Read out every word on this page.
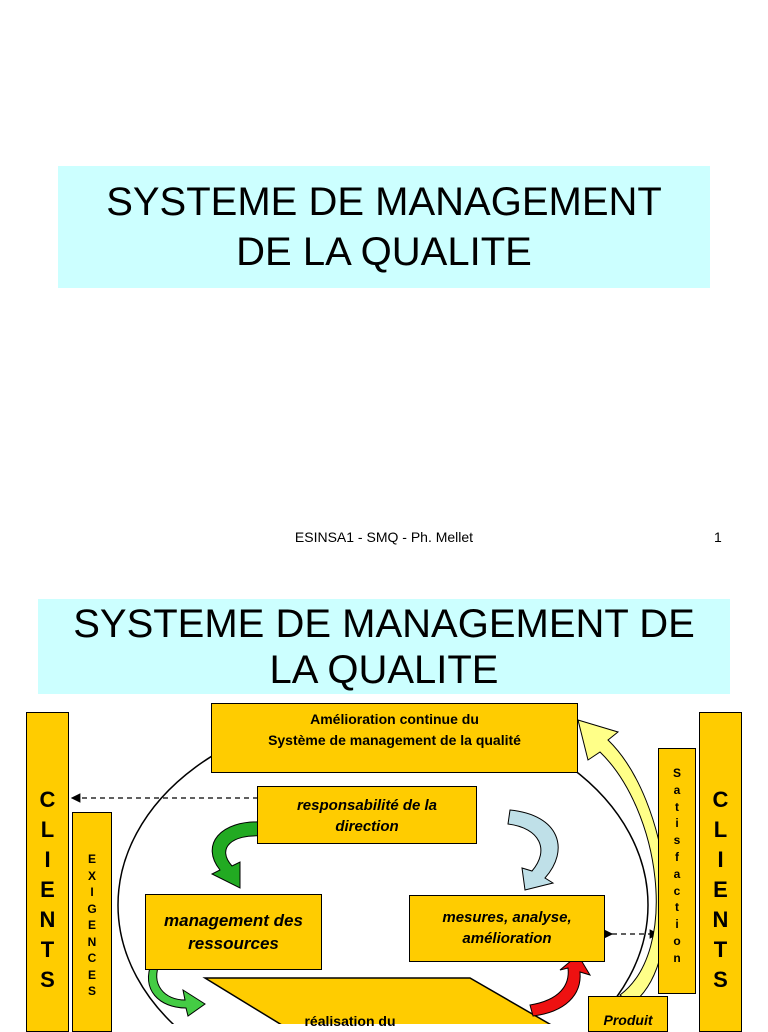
SYSTEME DE MANAGEMENT
DE LA QUALITE
ESINSA1 - SMQ - Ph. Mellet	1
SYSTEME DE MANAGEMENT DE
LA QUALITE
C
L
I
E
N
T
S
E
X
I
G
E
N
C
E
S
C
L
I
E
N
T
S
S
a
t
i
s
f
a
c
t
i
o
n
Amélioration continue du
Système de management de la qualité
responsabilité de la
direction
management des
ressources
mesures, analyse,
amélioration
réalisation du	Produit
